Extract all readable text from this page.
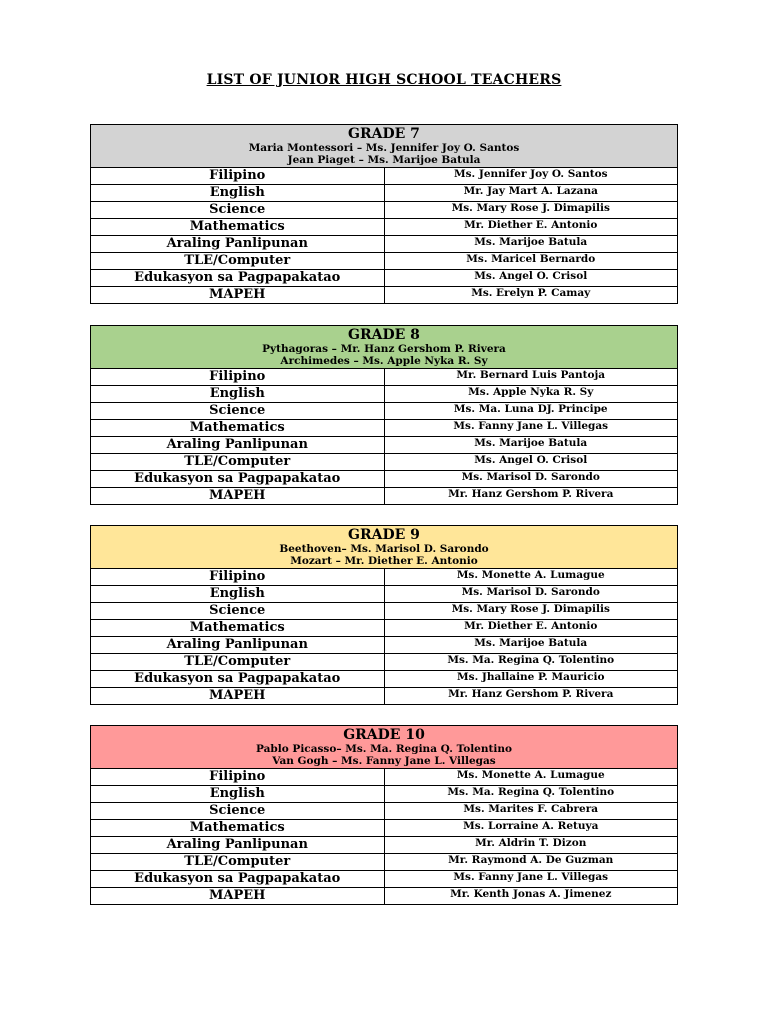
LIST OF JUNIOR HIGH SCHOOL TEACHERS
GRADE 7
Maria Montessori – Ms. Jennifer Joy O. Santos
Jean Piaget – Ms. Marijoe Batula	

Filipino	Ms. Jennifer Joy O. Santos
English	Mr. Jay Mart A. Lazana
Science	Ms. Mary Rose J. Dimapilis
Mathematics	Mr. Diether E. Antonio
Araling Panlipunan	Ms. Marijoe Batula
TLE/Computer	Ms. Maricel Bernardo
Edukasyon sa Pagpapakatao	Ms. Angel O. Crisol
MAPEH	Ms. Erelyn P. Camay
GRADE 8
Pythagoras – Mr. Hanz Gershom P. Rivera
Archimedes – Ms. Apple Nyka R. Sy	

Filipino	Mr. Bernard Luis Pantoja
English	Ms. Apple Nyka R. Sy
Science	Ms. Ma. Luna DJ. Principe
Mathematics	Ms. Fanny Jane L. Villegas
Araling Panlipunan	Ms. Marijoe Batula
TLE/Computer	Ms. Angel O. Crisol
Edukasyon sa Pagpapakatao	Ms. Marisol D. Sarondo
MAPEH	Mr. Hanz Gershom P. Rivera
GRADE 9
Beethoven– Ms. Marisol D. Sarondo
Mozart – Mr. Diether E. Antonio	

Filipino	Ms. Monette A. Lumague
English	Ms. Marisol D. Sarondo
Science	Ms. Mary Rose J. Dimapilis
Mathematics	Mr. Diether E. Antonio
Araling Panlipunan	Ms. Marijoe Batula
TLE/Computer	Ms. Ma. Regina Q. Tolentino
Edukasyon sa Pagpapakatao	Ms. Jhallaine P. Mauricio
MAPEH	Mr. Hanz Gershom P. Rivera
GRADE 10
Pablo Picasso– Ms. Ma. Regina Q. Tolentino
Van Gogh – Ms. Fanny Jane L. Villegas	

Filipino	Ms. Monette A. Lumague
English	Ms. Ma. Regina Q. Tolentino
Science	Ms. Marites F. Cabrera
Mathematics	Ms. Lorraine A. Retuya
Araling Panlipunan	Mr. Aldrin T. Dizon
TLE/Computer	Mr. Raymond A. De Guzman
Edukasyon sa Pagpapakatao	Ms. Fanny Jane L. Villegas
MAPEH	Mr. Kenth Jonas A. Jimenez
